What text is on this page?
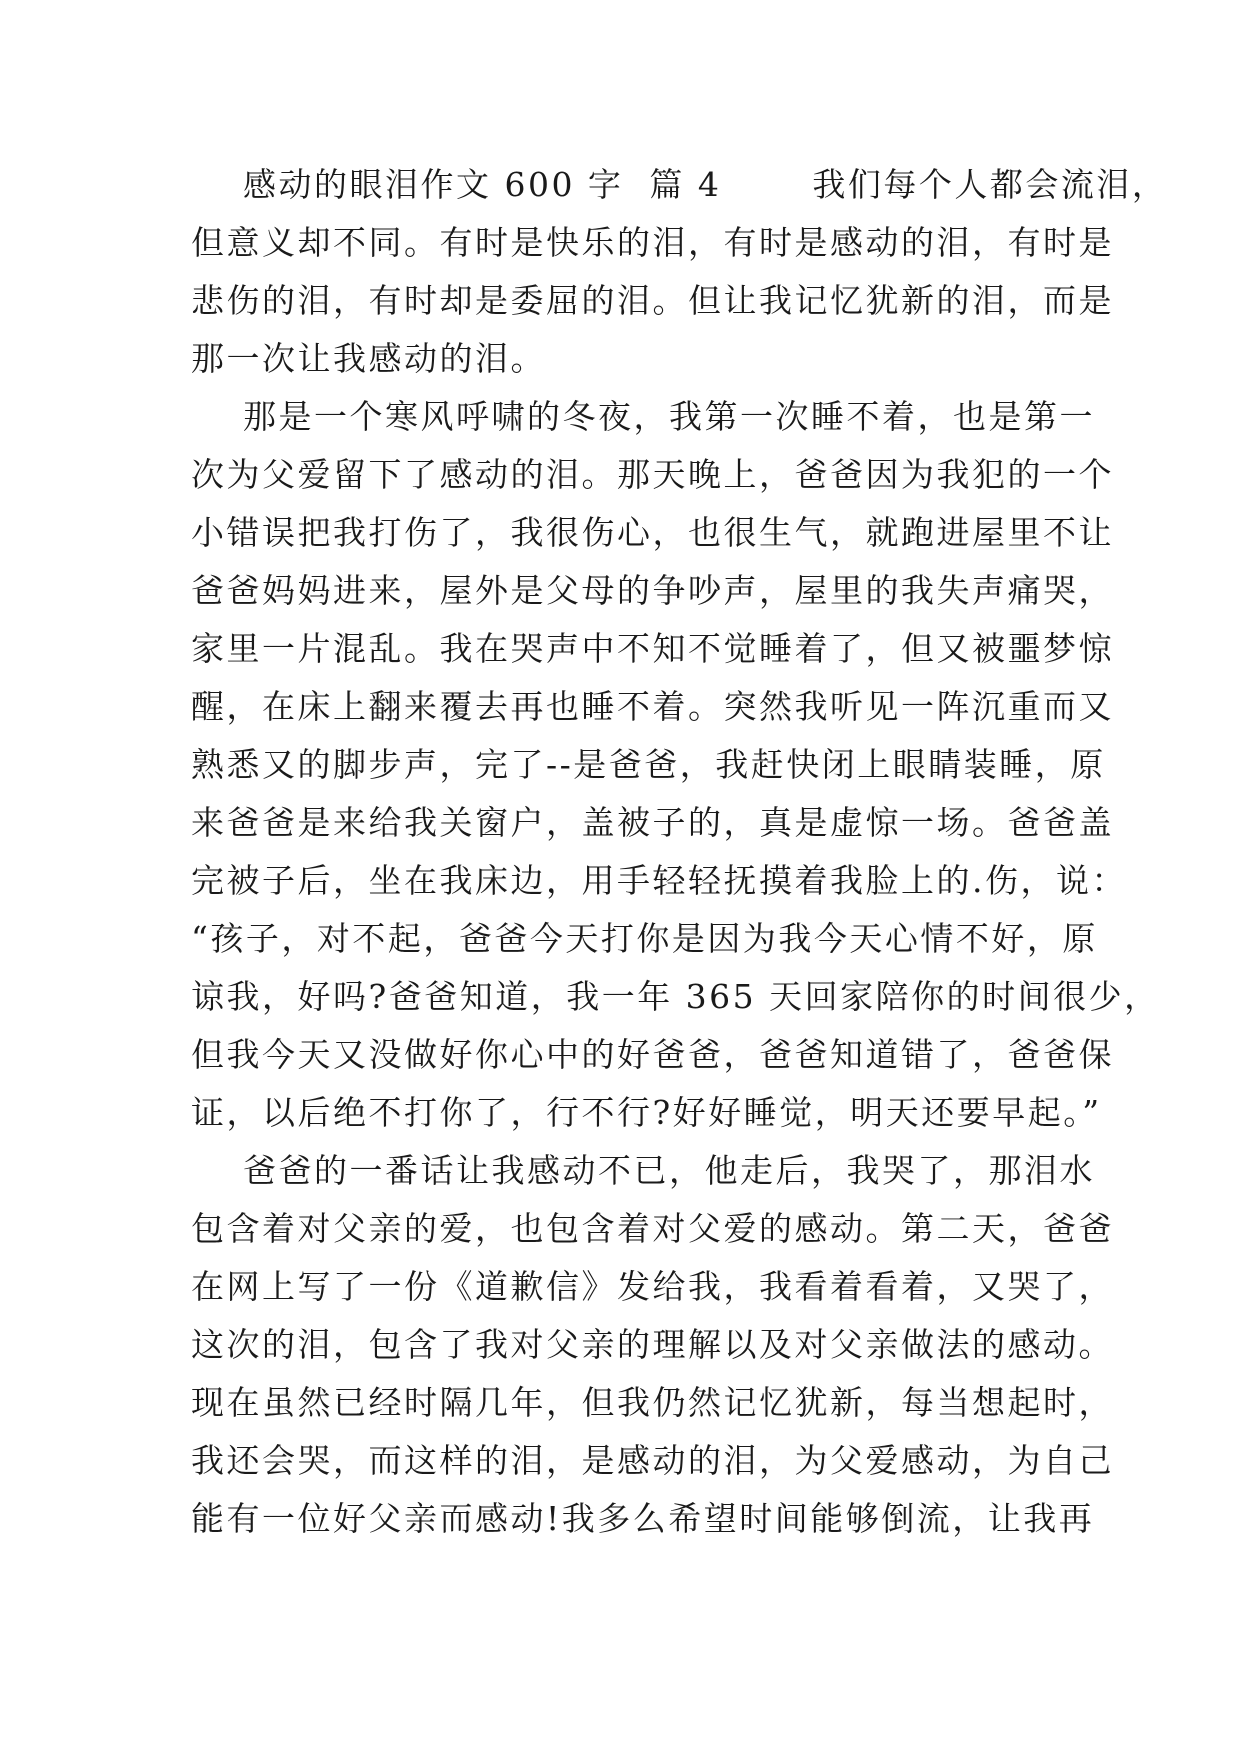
感动的眼泪作文 600 字  篇 4       我们每个人都会流泪，
但意义却不同。有时是快乐的泪，有时是感动的泪，有时是
悲伤的泪，有时却是委屈的泪。但让我记忆犹新的泪，而是
那一次让我感动的泪。
那是一个寒风呼啸的冬夜，我第一次睡不着，也是第一
次为父爱留下了感动的泪。那天晚上，爸爸因为我犯的一个
小错误把我打伤了，我很伤心，也很生气，就跑进屋里不让
爸爸妈妈进来，屋外是父母的争吵声，屋里的我失声痛哭，
家里一片混乱。我在哭声中不知不觉睡着了，但又被噩梦惊
醒，在床上翻来覆去再也睡不着。突然我听见一阵沉重而又
熟悉又的脚步声，完了--是爸爸，我赶快闭上眼睛装睡，原
来爸爸是来给我关窗户，盖被子的，真是虚惊一场。爸爸盖
完被子后，坐在我床边，用手轻轻抚摸着我脸上的.伤，说：
“孩子，对不起，爸爸今天打你是因为我今天心情不好，原
谅我，好吗?爸爸知道，我一年 365 天回家陪你的时间很少，
但我今天又没做好你心中的好爸爸，爸爸知道错了，爸爸保
证，以后绝不打你了，行不行?好好睡觉，明天还要早起。”
爸爸的一番话让我感动不已，他走后，我哭了，那泪水
包含着对父亲的爱，也包含着对父爱的感动。第二天，爸爸
在网上写了一份《道歉信》发给我，我看着看着，又哭了，
这次的泪，包含了我对父亲的理解以及对父亲做法的感动。
现在虽然已经时隔几年，但我仍然记忆犹新，每当想起时，
我还会哭，而这样的泪，是感动的泪，为父爱感动，为自己
能有一位好父亲而感动!我多么希望时间能够倒流，让我再
